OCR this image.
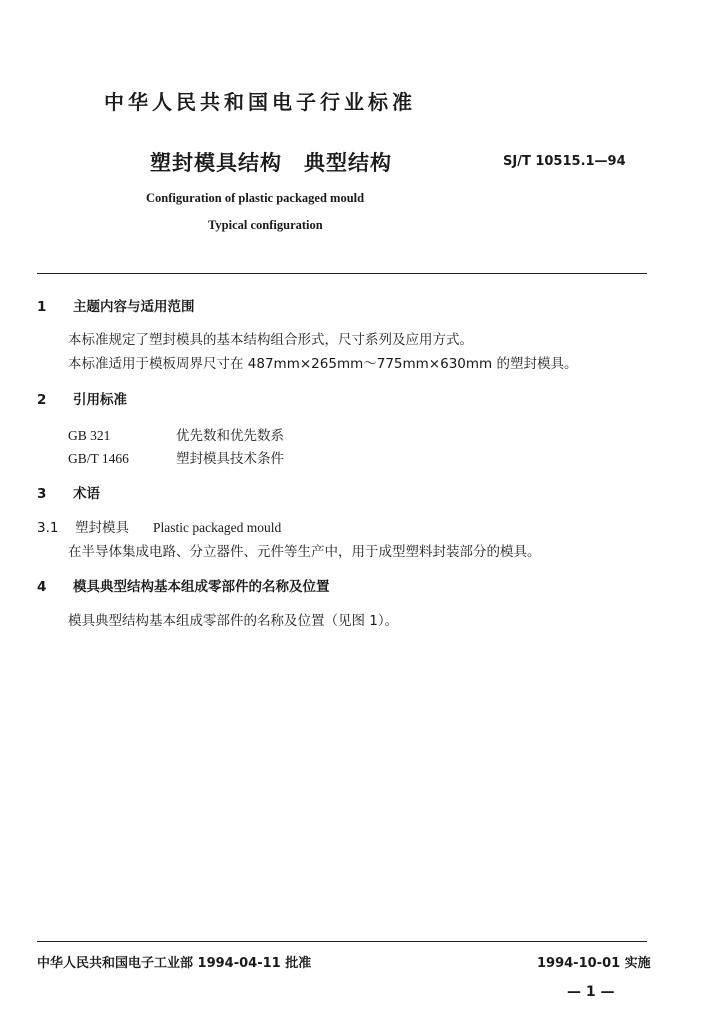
中华人民共和国电子行业标准
塑封模具结构　典型结构	SJ/T 10515.1—94
Configuration of plastic packaged mould
Typical configuration
1 主题内容与适用范围
本标准规定了塑封模具的基本结构组合形式，尺寸系列及应用方式。
本标准适用于模板周界尺寸在 487mm×265mm～775mm×630mm 的塑封模具。
2 引用标准
GB 321	优先数和优先数系
GB/T 1466	塑封模具技术条件
3 术语
3.1 塑封模具 Plastic packaged mould
在半导体集成电路、分立器件、元件等生产中，用于成型塑料封装部分的模具。
4 模具典型结构基本组成零部件的名称及位置
模具典型结构基本组成零部件的名称及位置（见图 1）。
中华人民共和国电子工业部 1994-04-11 批准	1994-10-01 实施
— 1 —
